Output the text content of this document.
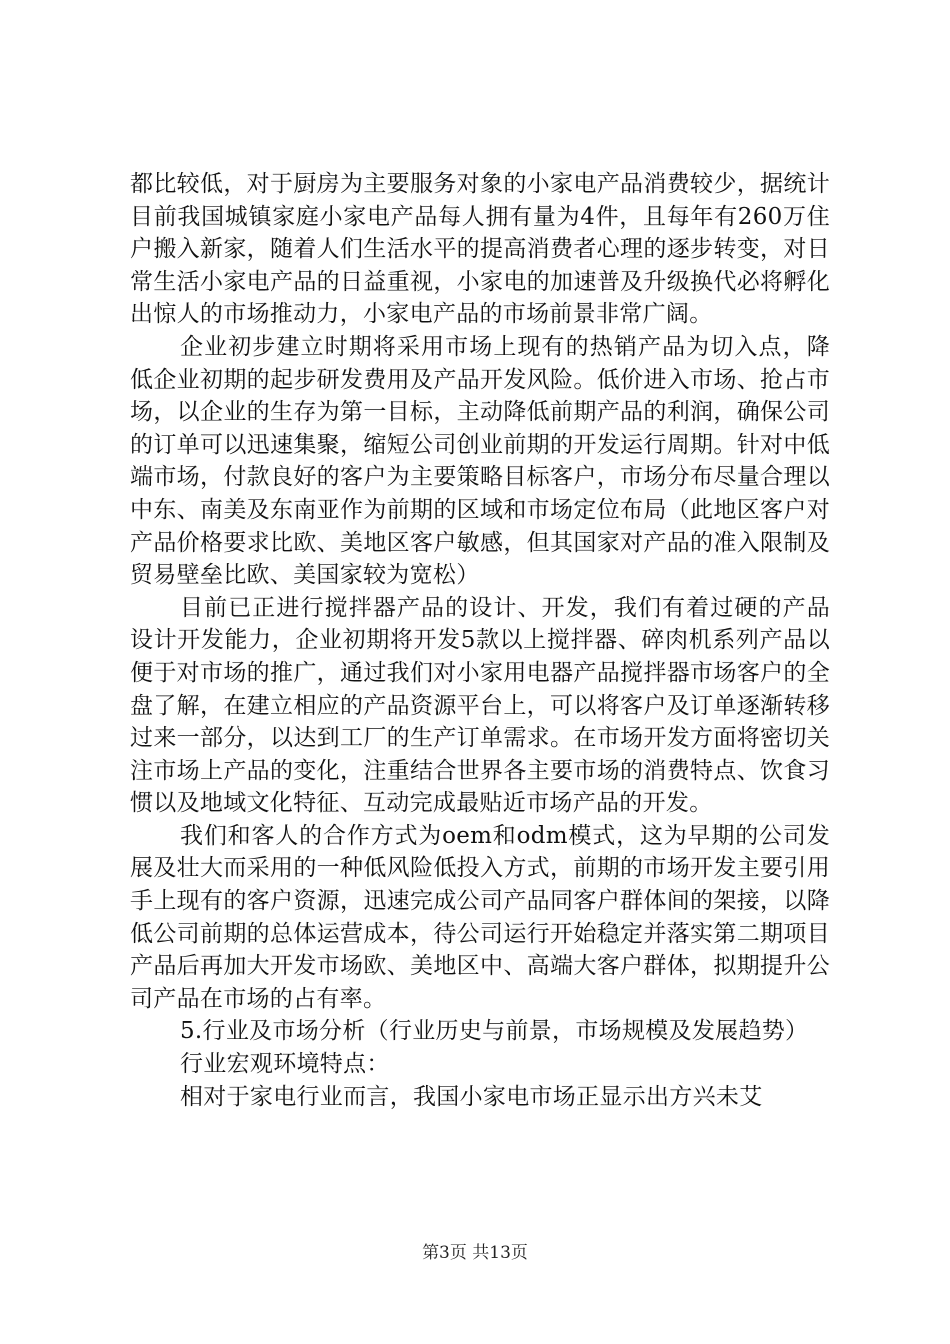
都比较低，对于厨房为主要服务对象的小家电产品消费较少，据统计目前我国城镇家庭小家电产品每人拥有量为4件，且每年有260万住户搬入新家，随着人们生活水平的提高消费者心理的逐步转变，对日常生活小家电产品的日益重视，小家电的加速普及升级换代必将孵化出惊人的市场推动力，小家电产品的市场前景非常广阔。

企业初步建立时期将采用市场上现有的热销产品为切入点，降低企业初期的起步研发费用及产品开发风险。低价进入市场、抢占市场，以企业的生存为第一目标，主动降低前期产品的利润，确保公司的订单可以迅速集聚，缩短公司创业前期的开发运行周期。针对中低端市场，付款良好的客户为主要策略目标客户，市场分布尽量合理以中东、南美及东南亚作为前期的区域和市场定位布局（此地区客户对产品价格要求比欧、美地区客户敏感，但其国家对产品的准入限制及贸易壁垒比欧、美国家较为宽松）

目前已正进行搅拌器产品的设计、开发，我们有着过硬的产品设计开发能力，企业初期将开发5款以上搅拌器、碎肉机系列产品以便于对市场的推广，通过我们对小家用电器产品搅拌器市场客户的全盘了解，在建立相应的产品资源平台上，可以将客户及订单逐渐转移过来一部分，以达到工厂的生产订单需求。在市场开发方面将密切关注市场上产品的变化，注重结合世界各主要市场的消费特点、饮食习惯以及地域文化特征、互动完成最贴近市场产品的开发。

我们和客人的合作方式为oem和odm模式，这为早期的公司发展及壮大而采用的一种低风险低投入方式，前期的市场开发主要引用手上现有的客户资源，迅速完成公司产品同客户群体间的架接，以降低公司前期的总体运营成本，待公司运行开始稳定并落实第二期项目产品后再加大开发市场欧、美地区中、高端大客户群体，拟期提升公司产品在市场的占有率。

5.行业及市场分析（行业历史与前景，市场规模及发展趋势）

行业宏观环境特点：

相对于家电行业而言，我国小家电市场正显示出方兴未艾

第3页 共13页
